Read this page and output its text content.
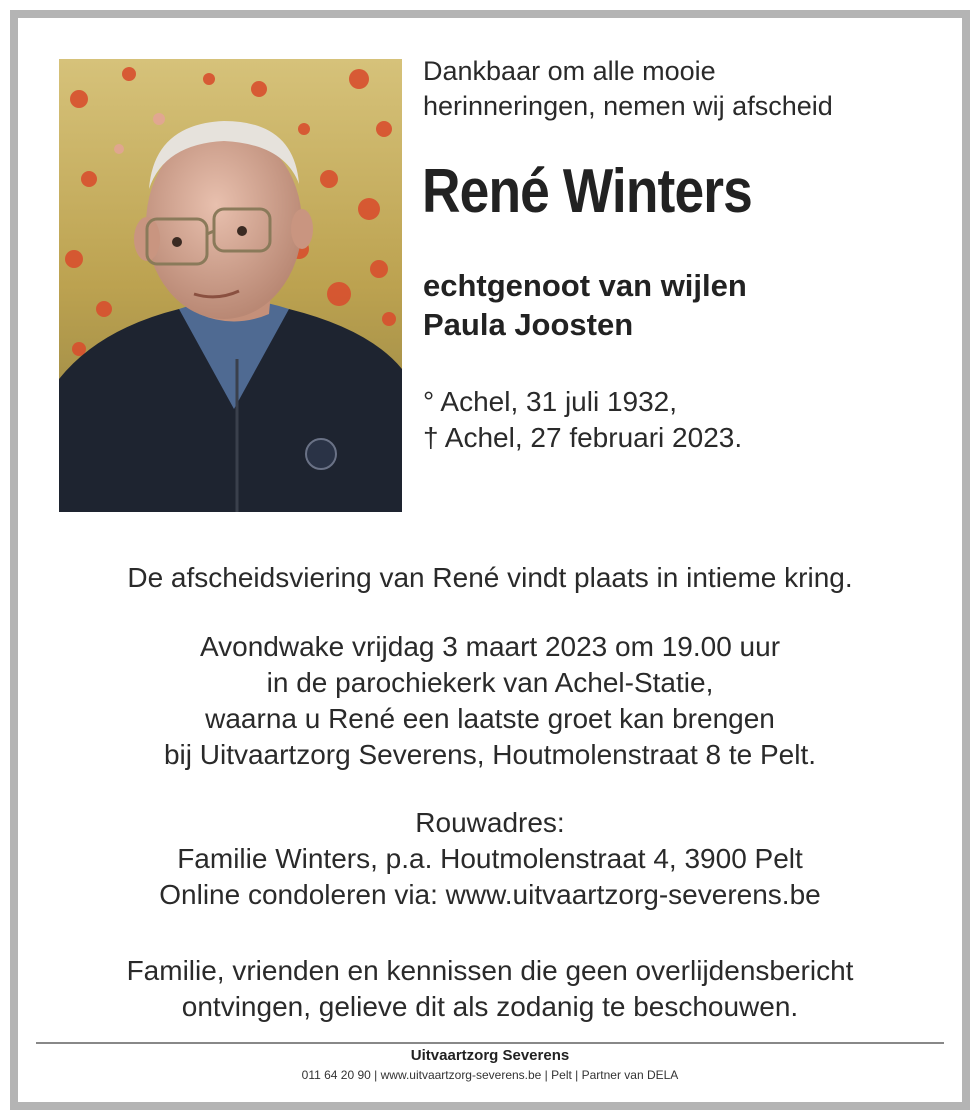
Dankbaar om alle mooie
herinneringen, nemen wij afscheid
René Winters
echtgenoot van wijlen
Paula Joosten
° Achel, 31 juli 1932,
† Achel, 27 februari 2023.
De afscheidsviering van René vindt plaats in intieme kring.
Avondwake vrijdag 3 maart 2023 om 19.00 uur
in de parochiekerk van Achel-Statie,
waarna u René een laatste groet kan brengen
bij Uitvaartzorg Severens, Houtmolenstraat 8 te Pelt.
Rouwadres:
Familie Winters, p.a. Houtmolenstraat 4, 3900 Pelt
Online condoleren via: www.uitvaartzorg-severens.be
Familie, vrienden en kennissen die geen overlijdensbericht
ontvingen, gelieve dit als zodanig te beschouwen.
Uitvaartzorg Severens
011 64 20 90 | www.uitvaartzorg-severens.be | Pelt | Partner van DELA
